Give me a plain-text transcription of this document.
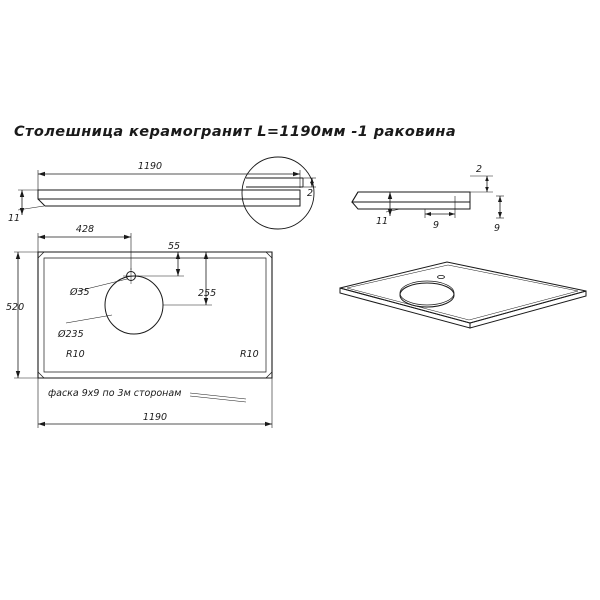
Столешница керамогранит L=1190мм -1 раковина
1190
11
2
2
11	9	9
428
55
255
Ø35
Ø235
520
1190
R10	R10
фаска 9x9 по 3м сторонам
